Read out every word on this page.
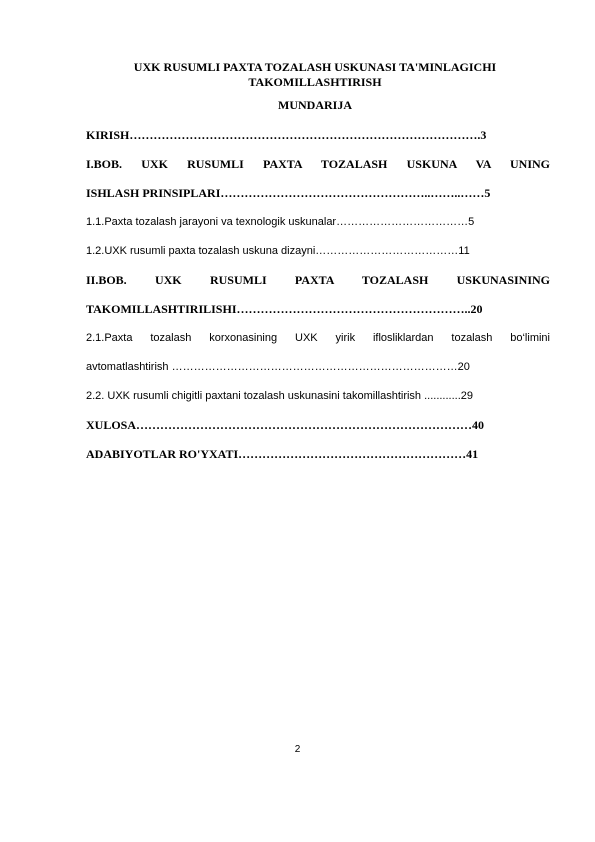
UXK RUSUMLI PAXTA TOZALASH USKUNASI TA'MINLAGICHI TAKOMILLASHTIRISH
MUNDARIJA
KIRISH…………………………………………………………………………….3
I.BOB. UXK RUSUMLI PAXTA TOZALASH USKUNA VA UNING
ISHLASH PRINSIPLARI……………………………………………..……..……5
1.1.Paxta tozalash jarayoni va texnologik uskunalar………………………………5
1.2.UXK rusumli paxta tozalash uskuna dizayni…………………………………11
II.BOB. UXK RUSUMLI PAXTA TOZALASH USKUNASINING
TAKOMILLASHTIRILISHI…………………………………………………..20
2.1.Paxta tozalash korxonasining UXK yirik iflosliklardan tozalash bo‘limini
avtomatlashtirish ……………………………………………………………………20
2.2. UXK rusumli chigitli paxtani tozalash uskunasini takomillashtirish ............29
XULOSA…………………………………………………………………………40
ADABIYOTLAR RO'YXATI…………………………………………………41
2
